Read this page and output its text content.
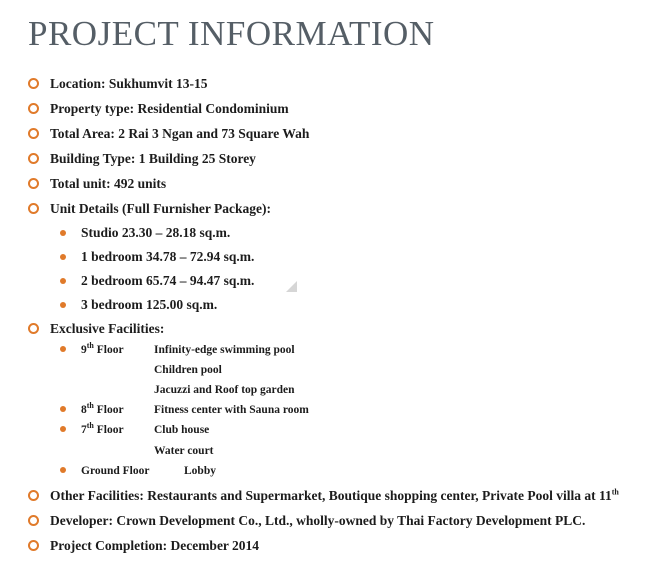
PROJECT INFORMATION
Location: Sukhumvit 13-15
Property type: Residential Condominium
Total Area: 2 Rai 3 Ngan and 73 Square Wah
Building Type: 1 Building 25 Storey
Total unit: 492 units
Unit Details (Full Furnisher Package):
Studio 23.30 – 28.18 sq.m.
1 bedroom 34.78 – 72.94 sq.m.
2 bedroom 65.74 – 94.47 sq.m.
3 bedroom 125.00 sq.m.
Exclusive Facilities:
9th Floor	Infinity-edge swimming pool
Children pool
Jacuzzi and Roof top garden
8th Floor	Fitness center with Sauna room
7th Floor	Club house
Water court
Ground Floor	Lobby
Other Facilities: Restaurants and Supermarket, Boutique shopping center, Private Pool villa at 11th
Developer: Crown Development Co., Ltd., wholly-owned by Thai Factory Development PLC.
Project Completion: December 2014
